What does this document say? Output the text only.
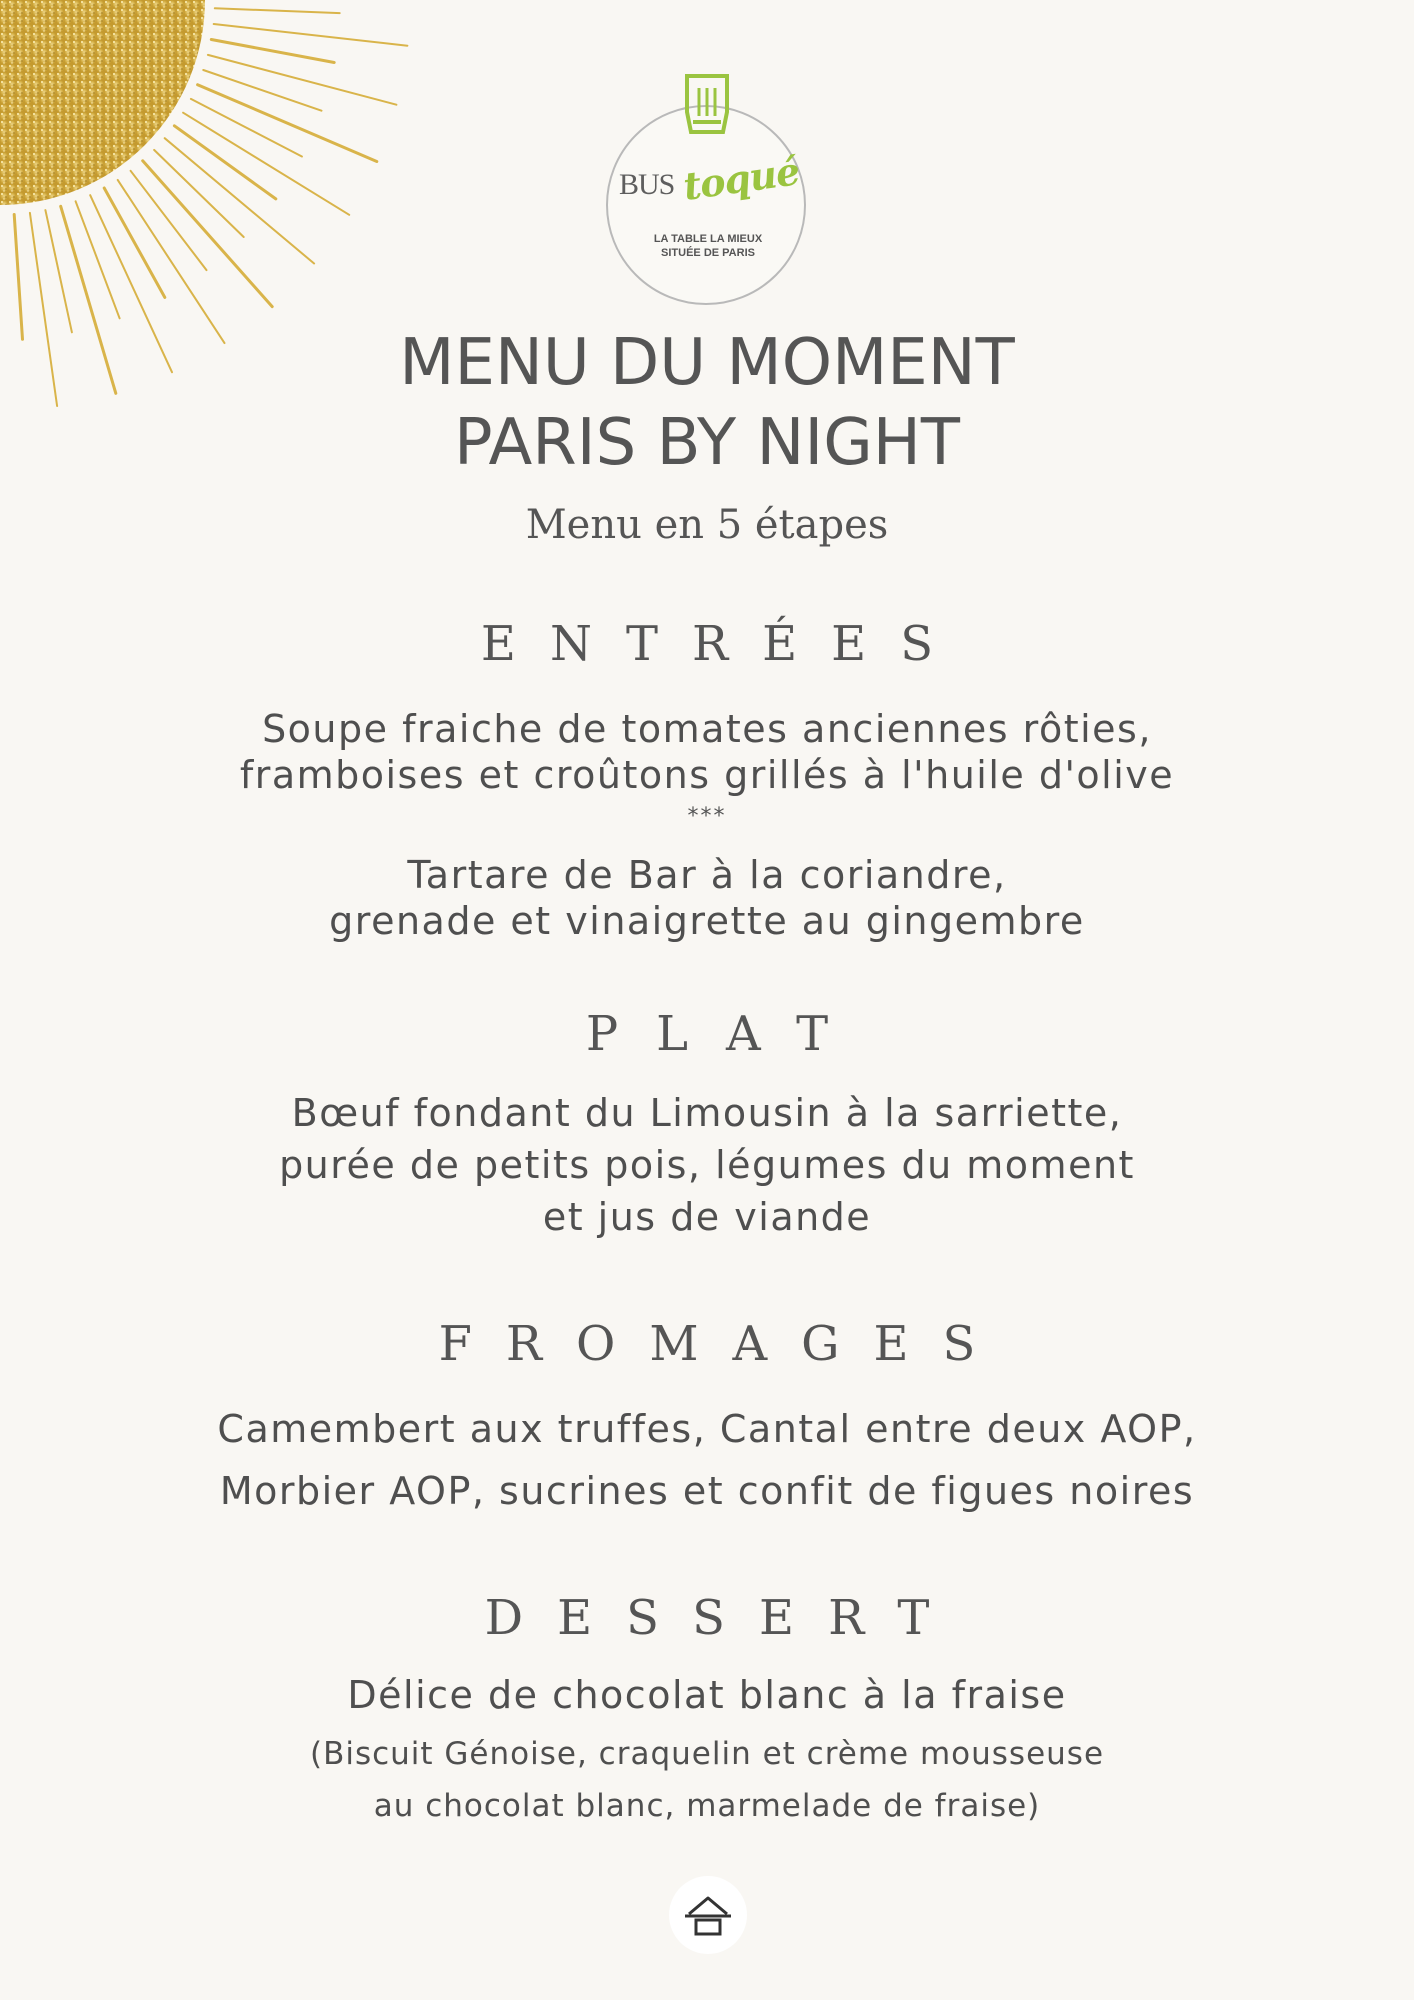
BUS toqué
LA TABLE LA MIEUX
SITUÉE DE PARIS
MENU DU MOMENT
PARIS BY NIGHT
Menu en 5 étapes
ENTRÉES
Soupe fraiche de tomates anciennes rôties,
framboises et croûtons grillés à l'huile d'olive
***
Tartare de Bar à la coriandre,
grenade et vinaigrette au gingembre
PLAT
Bœuf fondant du Limousin à la sarriette,
purée de petits pois, légumes du moment
et jus de viande
FROMAGES
Camembert aux truffes, Cantal entre deux AOP,
Morbier AOP, sucrines et confit de figues noires
DESSERT
Délice de chocolat blanc à la fraise
(Biscuit Génoise, craquelin et crème mousseuse
au chocolat blanc, marmelade de fraise)
